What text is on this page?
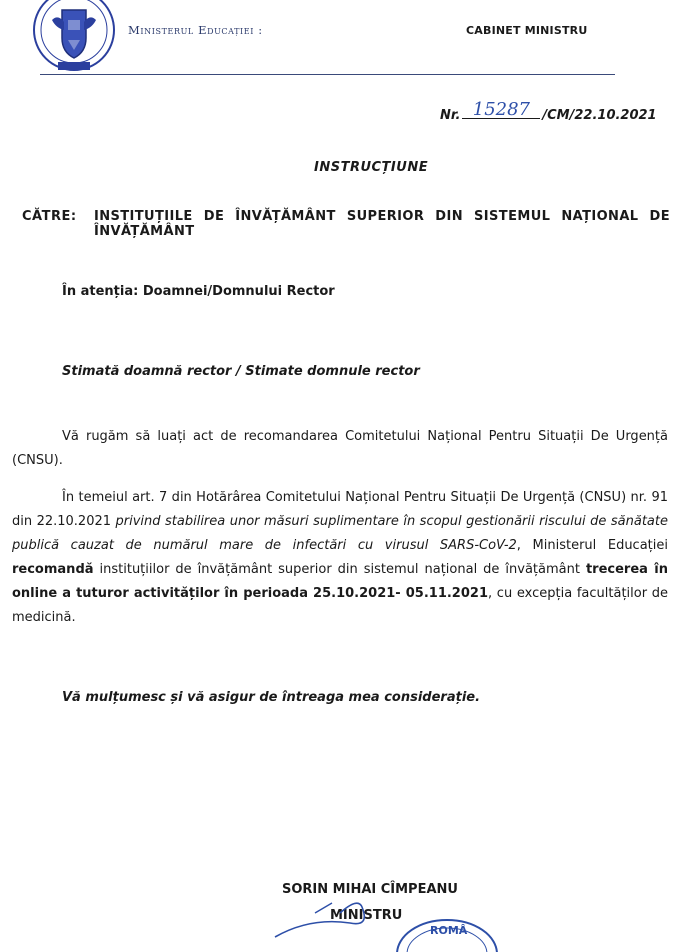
Ministerul Educației :	CABINET MINISTRU
Nr. 15287 /CM/22.10.2021
INSTRUCȚIUNE
CĂTRE: INSTITUȚIILE DE ÎNVĂȚĂMÂNT SUPERIOR DIN SISTEMUL NAȚIONAL DE
ÎNVĂȚĂMÂNT
În atenția: Doamnei/Domnului Rector
Stimată doamnă rector / Stimate domnule rector
Vă rugăm să luați act de recomandarea Comitetului Național Pentru Situații De Urgență (CNSU).
În temeiul art. 7 din Hotărârea Comitetului Național Pentru Situații De Urgență (CNSU) nr. 91 din 22.10.2021 privind stabilirea unor măsuri suplimentare în scopul gestionării riscului de sănătate publică cauzat de numărul mare de infectări cu virusul SARS-CoV-2, Ministerul Educației recomandă instituțiilor de învățământ superior din sistemul național de învățământ trecerea în online a tuturor activităților în perioada 25.10.2021- 05.11.2021, cu excepția facultăților de medicină.
Vă mulțumesc și vă asigur de întreaga mea considerație.
SORIN MIHAI CÎMPEANU
MINISTRU
ROMÂ
